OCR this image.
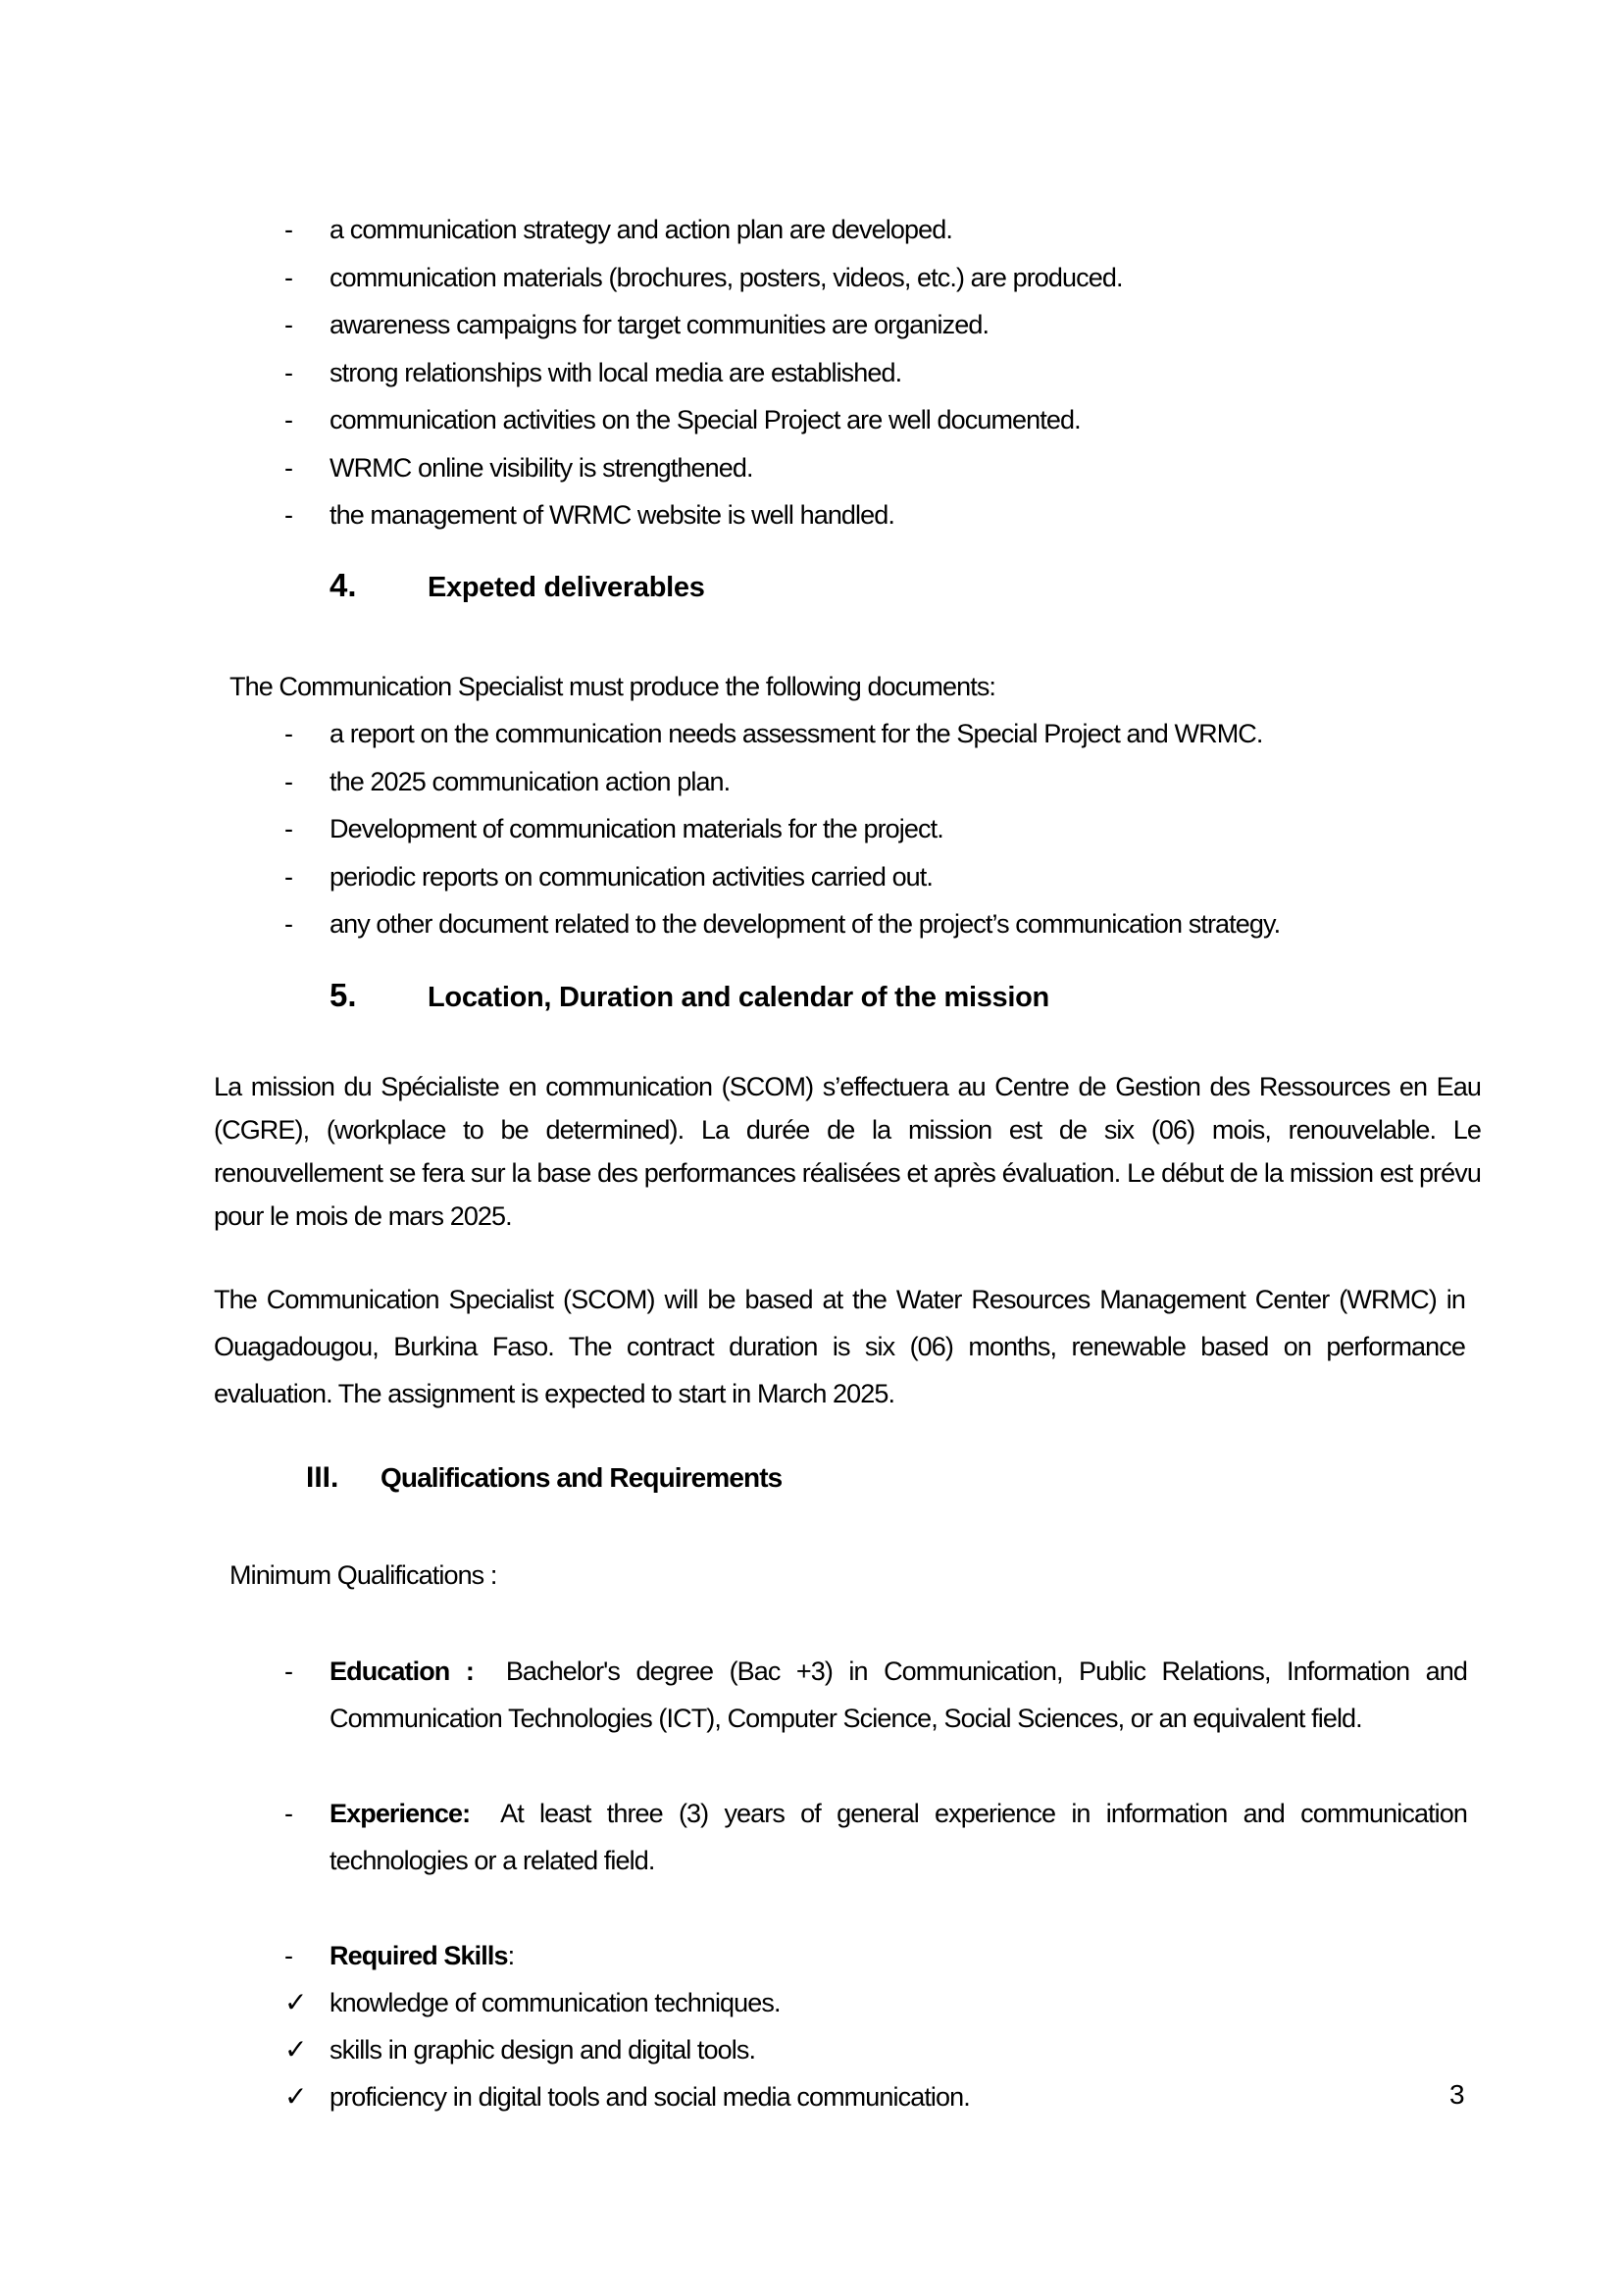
-	a communication strategy and action plan are developed.
-	communication materials (brochures, posters, videos, etc.) are produced.
-	awareness campaigns for target communities are organized.
-	strong relationships with local media are established.
-	communication activities on the Special Project are well documented.
-	WRMC online visibility is strengthened.
-	the management of WRMC website is well handled.
4.	Expeted deliverables
The Communication Specialist must produce the following documents:
-	a report on the communication needs assessment for the Special Project and WRMC.
-	the 2025 communication action plan.
-	Development of communication materials for the project.
-	periodic reports on communication activities carried out.
-	any other document related to the development of the project’s communication strategy.
5.	Location, Duration and calendar of the mission
La mission du Spécialiste en communication (SCOM) s’effectuera au Centre de Gestion des Ressources en Eau (CGRE), (workplace to be determined). La durée de la mission est de six (06) mois, renouvelable. Le renouvellement se fera sur la base des performances réalisées et après évaluation. Le début de la mission est prévu pour le mois de mars 2025.
The Communication Specialist (SCOM) will be based at the Water Resources Management Center (WRMC) in Ouagadougou, Burkina Faso. The contract duration is six (06) months, renewable based on performance evaluation. The assignment is expected to start in March 2025.
III.	Qualifications and Requirements
Minimum Qualifications :
-	Education : Bachelor's degree (Bac +3) in Communication, Public Relations, Information and Communication Technologies (ICT), Computer Science, Social Sciences, or an equivalent field.
-	Experience: At least three (3) years of general experience in information and communication technologies or a related field.
-	Required Skills:
✓ knowledge of communication techniques.
✓ skills in graphic design and digital tools.
✓ proficiency in digital tools and social media communication.	3
